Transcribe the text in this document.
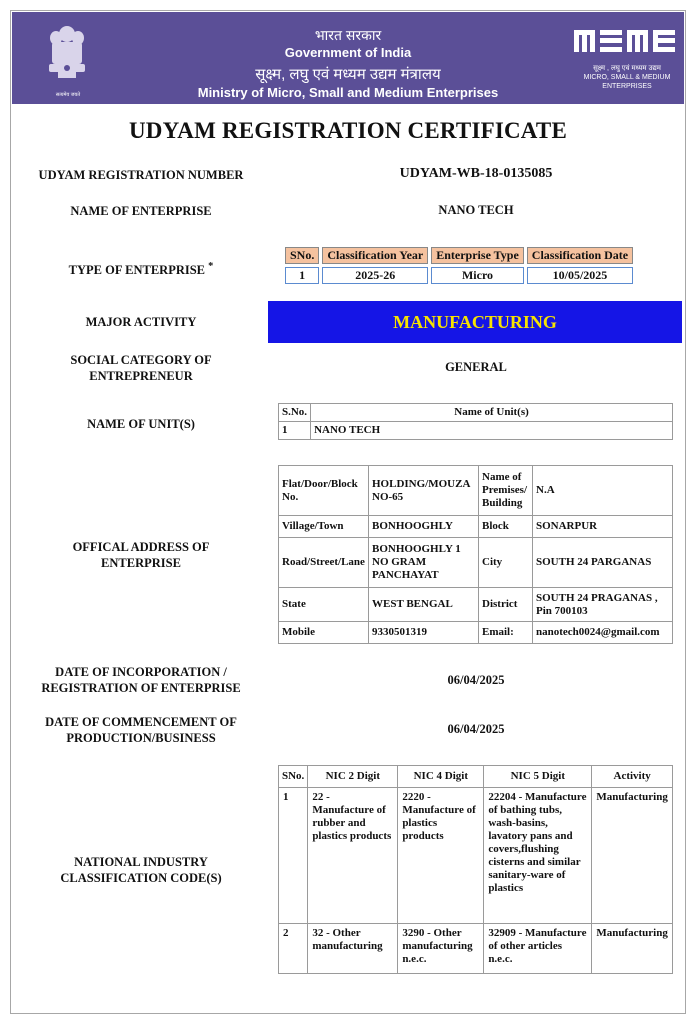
सत्यमेव जयते
भारत सरकार
Government of India
सूक्ष्म, लघु एवं मध्यम उद्यम मंत्रालय
Ministry of Micro, Small and Medium Enterprises
सूक्ष्म , लघु एवं मध्यम उद्यम
MICRO, SMALL & MEDIUM ENTERPRISES
UDYAM REGISTRATION CERTIFICATE
UDYAM REGISTRATION NUMBER	UDYAM-WB-18-0135085
NAME OF ENTERPRISE	NANO TECH
TYPE OF ENTERPRISE *
SNo.	Classification Year	Enterprise Type	Classification Date
1	2025-26	Micro	10/05/2025
MAJOR ACTIVITY	MANUFACTURING
SOCIAL CATEGORY OF
ENTREPRENEUR
GENERAL
NAME OF UNIT(S)
S.No.	Name of Unit(s)
1	NANO TECH
OFFICAL ADDRESS OF
ENTERPRISE
Flat/Door/Block No.	HOLDING/MOUZA NO-65	Name of Premises/ Building	N.A
Village/Town	BONHOOGHLY	Block	SONARPUR
Road/Street/Lane	BONHOOGHLY 1 NO GRAM PANCHAYAT	City	SOUTH 24 PARGANAS
State	WEST BENGAL	District	SOUTH 24 PRAGANAS , Pin 700103
Mobile	9330501319	Email:	nanotech0024@gmail.com
DATE OF INCORPORATION /
REGISTRATION OF ENTERPRISE
06/04/2025
DATE OF COMMENCEMENT OF
PRODUCTION/BUSINESS
06/04/2025
NATIONAL INDUSTRY
CLASSIFICATION CODE(S)
SNo.	NIC 2 Digit	NIC 4 Digit	NIC 5 Digit	Activity
1	22 - Manufacture of rubber and plastics products	2220 - Manufacture of plastics products	22204 - Manufacture of bathing tubs, wash-basins, lavatory pans and covers,flushing cisterns and similar sanitary-ware of plastics	Manufacturing
2	32 - Other manufacturing	3290 - Other manufacturing n.e.c.	32909 - Manufacture of other articles n.e.c.	Manufacturing
